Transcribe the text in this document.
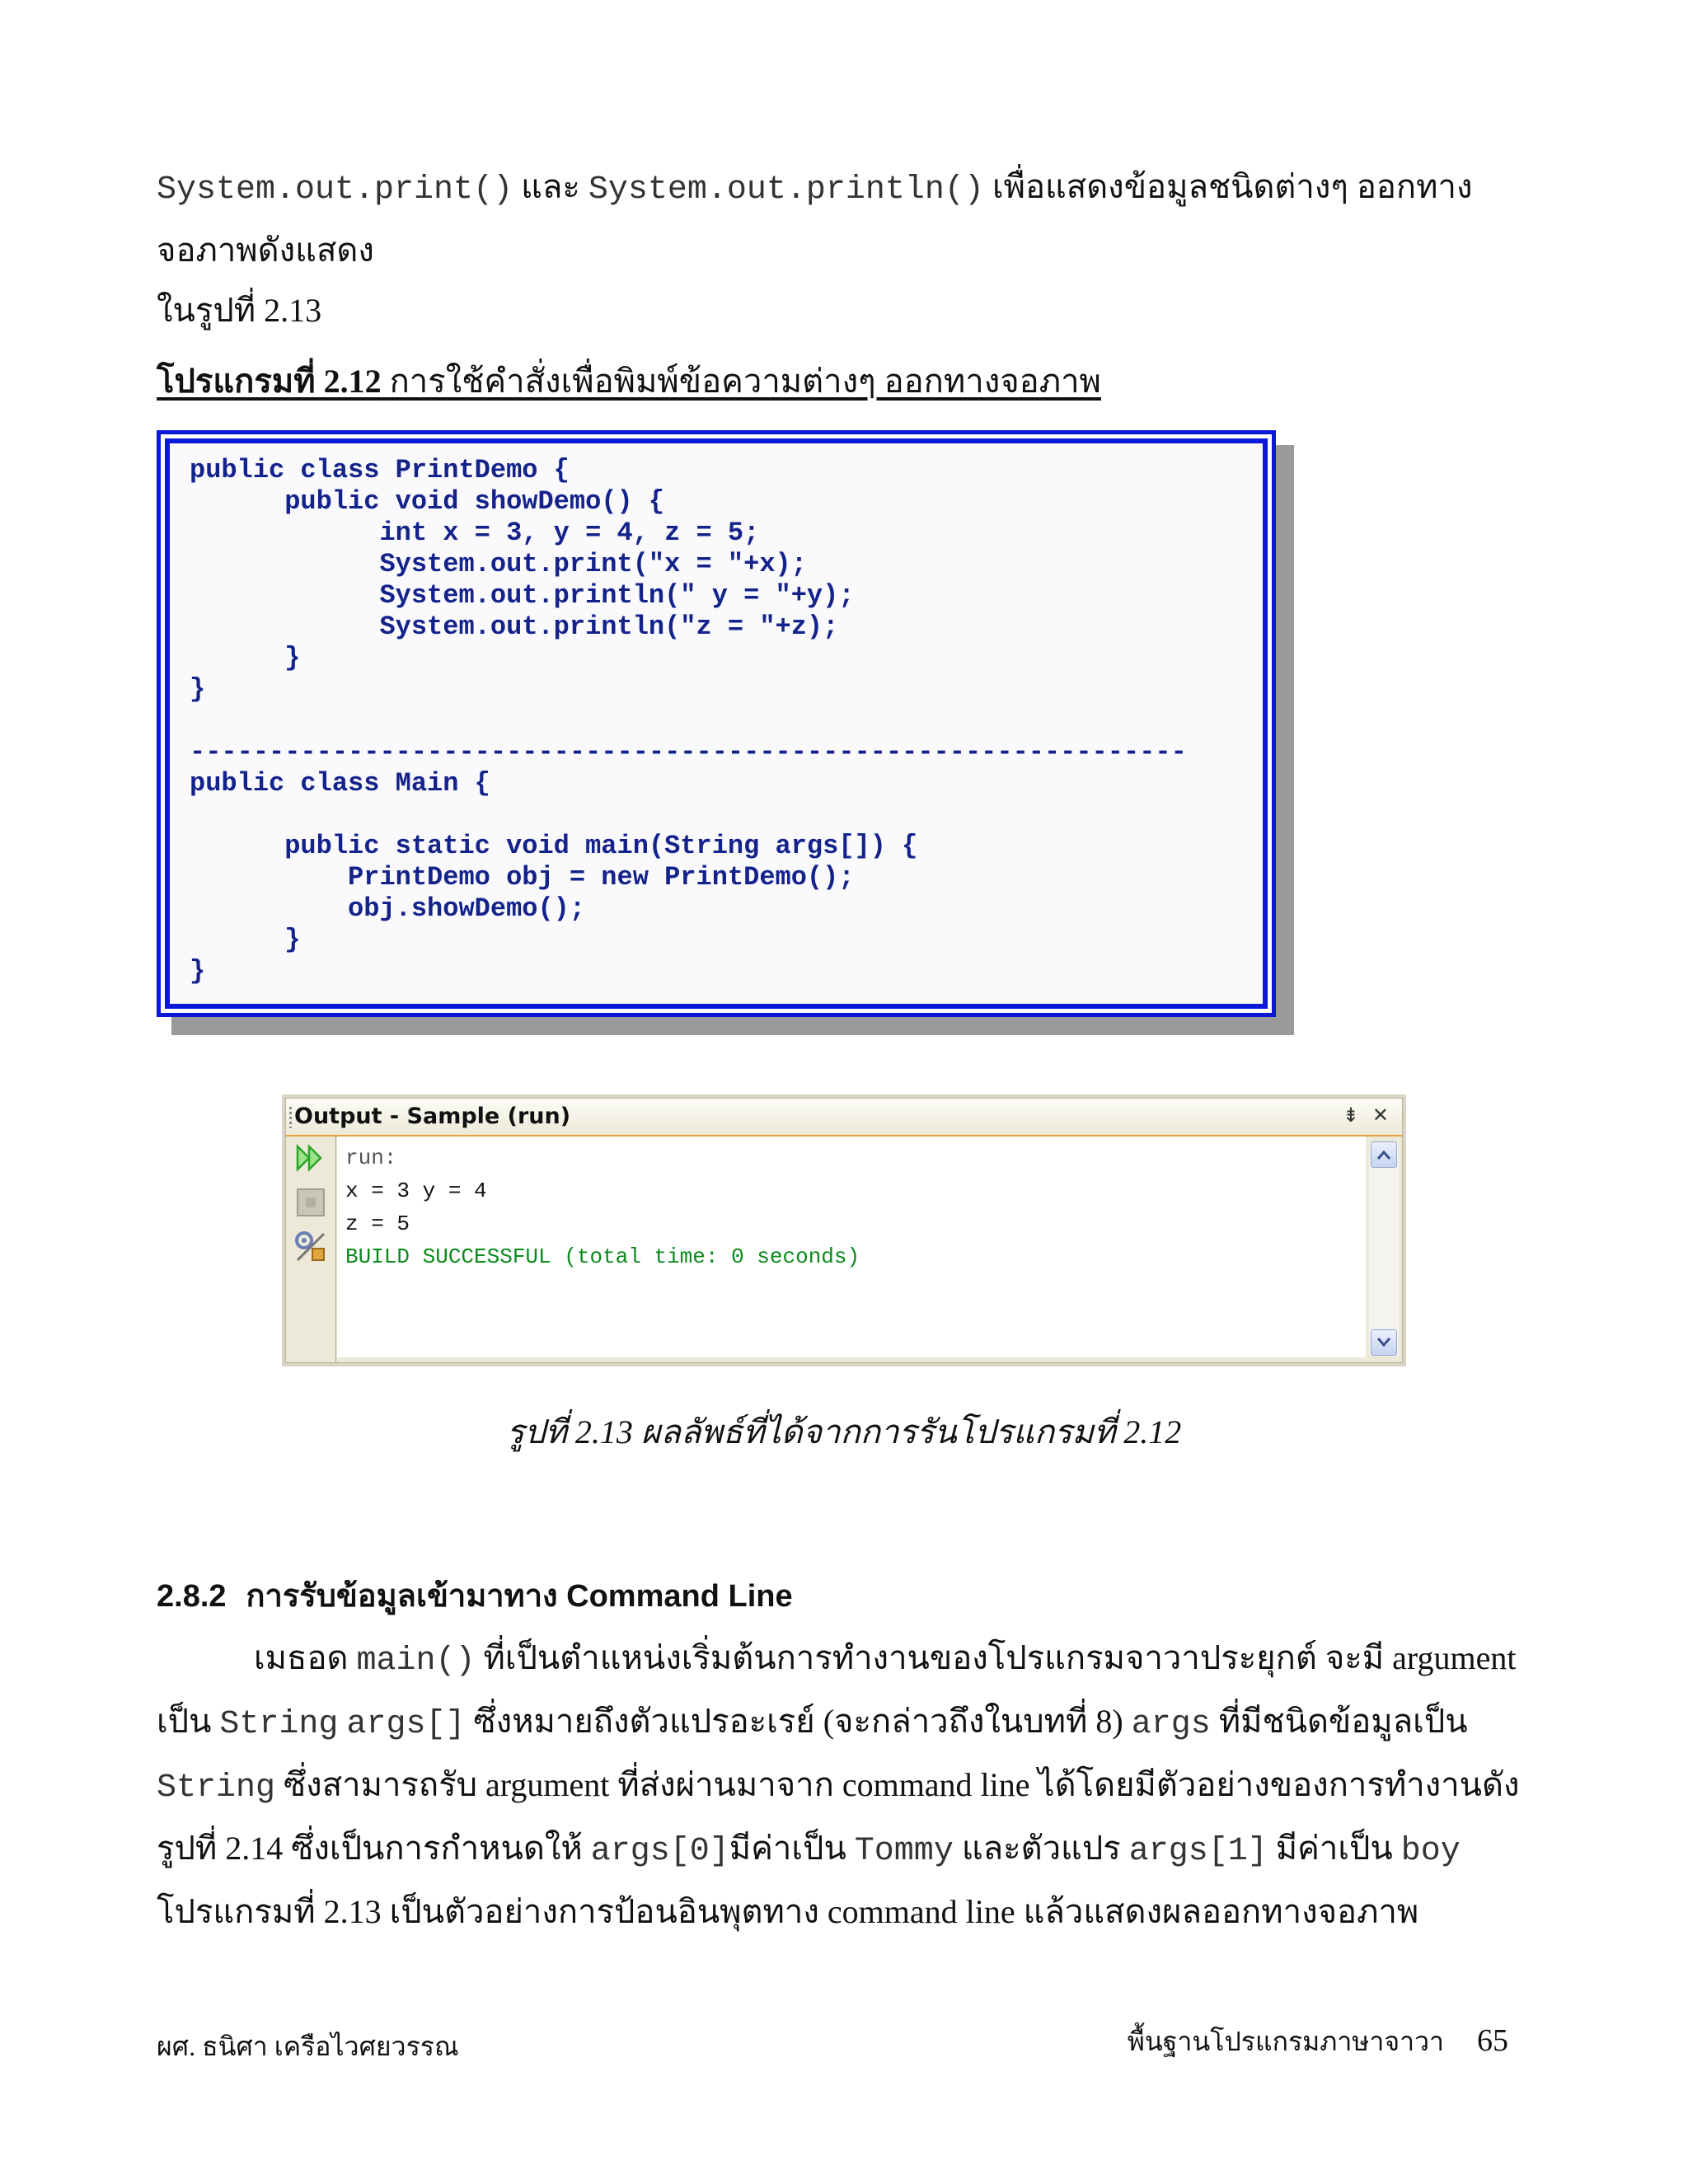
System.out.print() และ System.out.println() เพื่อแสดงข้อมูลชนิดต่างๆ ออกทางจอภาพดังแสดง
ในรูปที่ 2.13

โปรแกรมที่ 2.12 การใช้คำสั่งเพื่อพิมพ์ข้อความต่างๆ ออกทางจอภาพ

public class PrintDemo {

public void showDemo() {

int x = 3, y = 4, z = 5;

System.out.print("x = "+x);

System.out.println(" y = "+y);

System.out.println("z = "+z);

}

}

---------------------------------------------------------------

public class Main {

public static void main(String args[]) {

PrintDemo obj = new PrintDemo();

obj.showDemo();

}

}

Output - Sample (run)	⇟ ✕

run:

x = 3 y = 4

z = 5

BUILD SUCCESSFUL (total time: 0 seconds)

รูปที่ 2.13 ผลลัพธ์ที่ได้จากการรันโปรแกรมที่ 2.12

2.8.2 การรับข้อมูลเข้ามาทาง Command Line

เมธอด main() ที่เป็นตำแหน่งเริ่มต้นการทำงานของโปรแกรมจาวาประยุกต์ จะมี argument เป็น String args[] ซึ่งหมายถึงตัวแปรอะเรย์ (จะกล่าวถึงในบทที่ 8) args ที่มีชนิดข้อมูลเป็น String ซึ่งสามารถรับ argument ที่ส่งผ่านมาจาก command line ได้โดยมีตัวอย่างของการทำงานดังรูปที่ 2.14 ซึ่งเป็นการกำหนดให้ args[0]มีค่าเป็น Tommy และตัวแปร args[1] มีค่าเป็น boy โปรแกรมที่ 2.13 เป็นตัวอย่างการป้อนอินพุตทาง command line แล้วแสดงผลออกทางจอภาพ

ผศ. ธนิศา เครือไวศยวรรณ	พื้นฐานโปรแกรมภาษาจาวา 65
